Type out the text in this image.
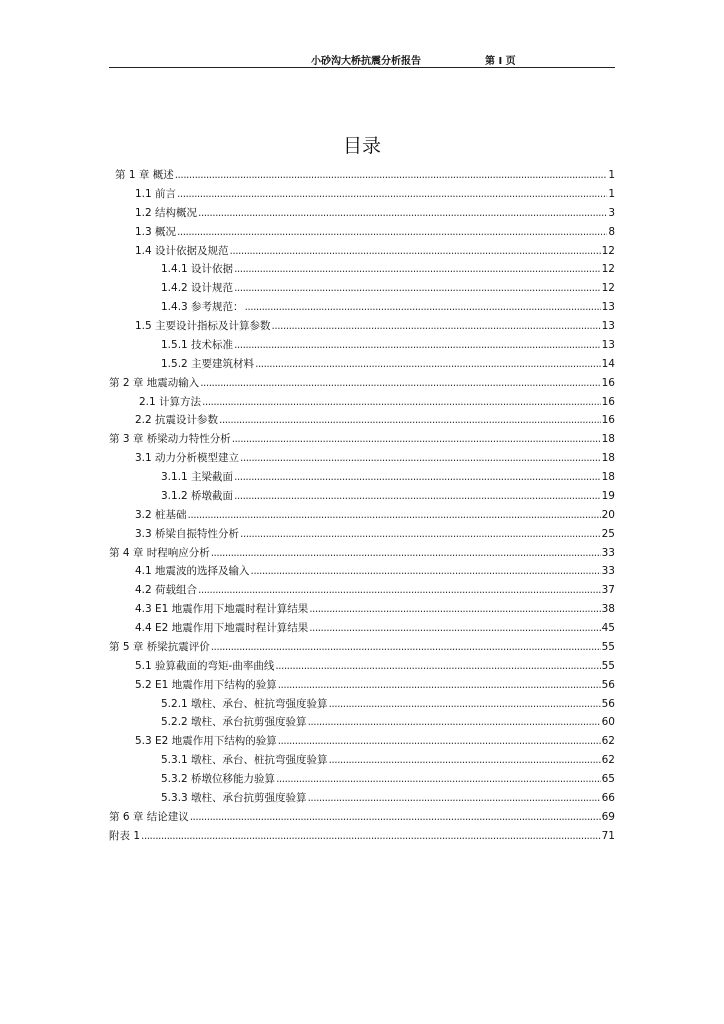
小砂沟大桥抗震分析报告	第 I 页
目录
第 1 章 概述 .....	1
1.1 前言 .....	1
1.2 结构概况 .....	3
1.3 概况 .....	8
1.4 设计依据及规范 .....	12
1.4.1 设计依据 .....	12
1.4.2 设计规范 .....	12
1.4.3 参考规范： .....	13
1.5 主要设计指标及计算参数 .....	13
1.5.1 技术标准 .....	13
1.5.2 主要建筑材料 .....	14
第 2 章 地震动输入 .....	16
2.1 计算方法 .....	16
2.2 抗震设计参数 .....	16
第 3 章 桥梁动力特性分析 .....	18
3.1 动力分析模型建立 .....	18
3.1.1 主梁截面 .....	18
3.1.2 桥墩截面 .....	19
3.2 桩基础 .....	20
3.3 桥梁自振特性分析 .....	25
第 4 章 时程响应分析 .....	33
4.1 地震波的选择及输入 .....	33
4.2 荷载组合 .....	37
4.3 E1 地震作用下地震时程计算结果 .....	38
4.4 E2 地震作用下地震时程计算结果 .....	45
第 5 章 桥梁抗震评价 .....	55
5.1 验算截面的弯矩-曲率曲线 .....	55
5.2 E1 地震作用下结构的验算 .....	56
5.2.1 墩柱、承台、桩抗弯强度验算 .....	56
5.2.2 墩柱、承台抗剪强度验算 .....	60
5.3 E2 地震作用下结构的验算 .....	62
5.3.1 墩柱、承台、桩抗弯强度验算 .....	62
5.3.2 桥墩位移能力验算 .....	65
5.3.3 墩柱、承台抗剪强度验算 .....	66
第 6 章 结论建议 .....	69
附表 1 .....	71
